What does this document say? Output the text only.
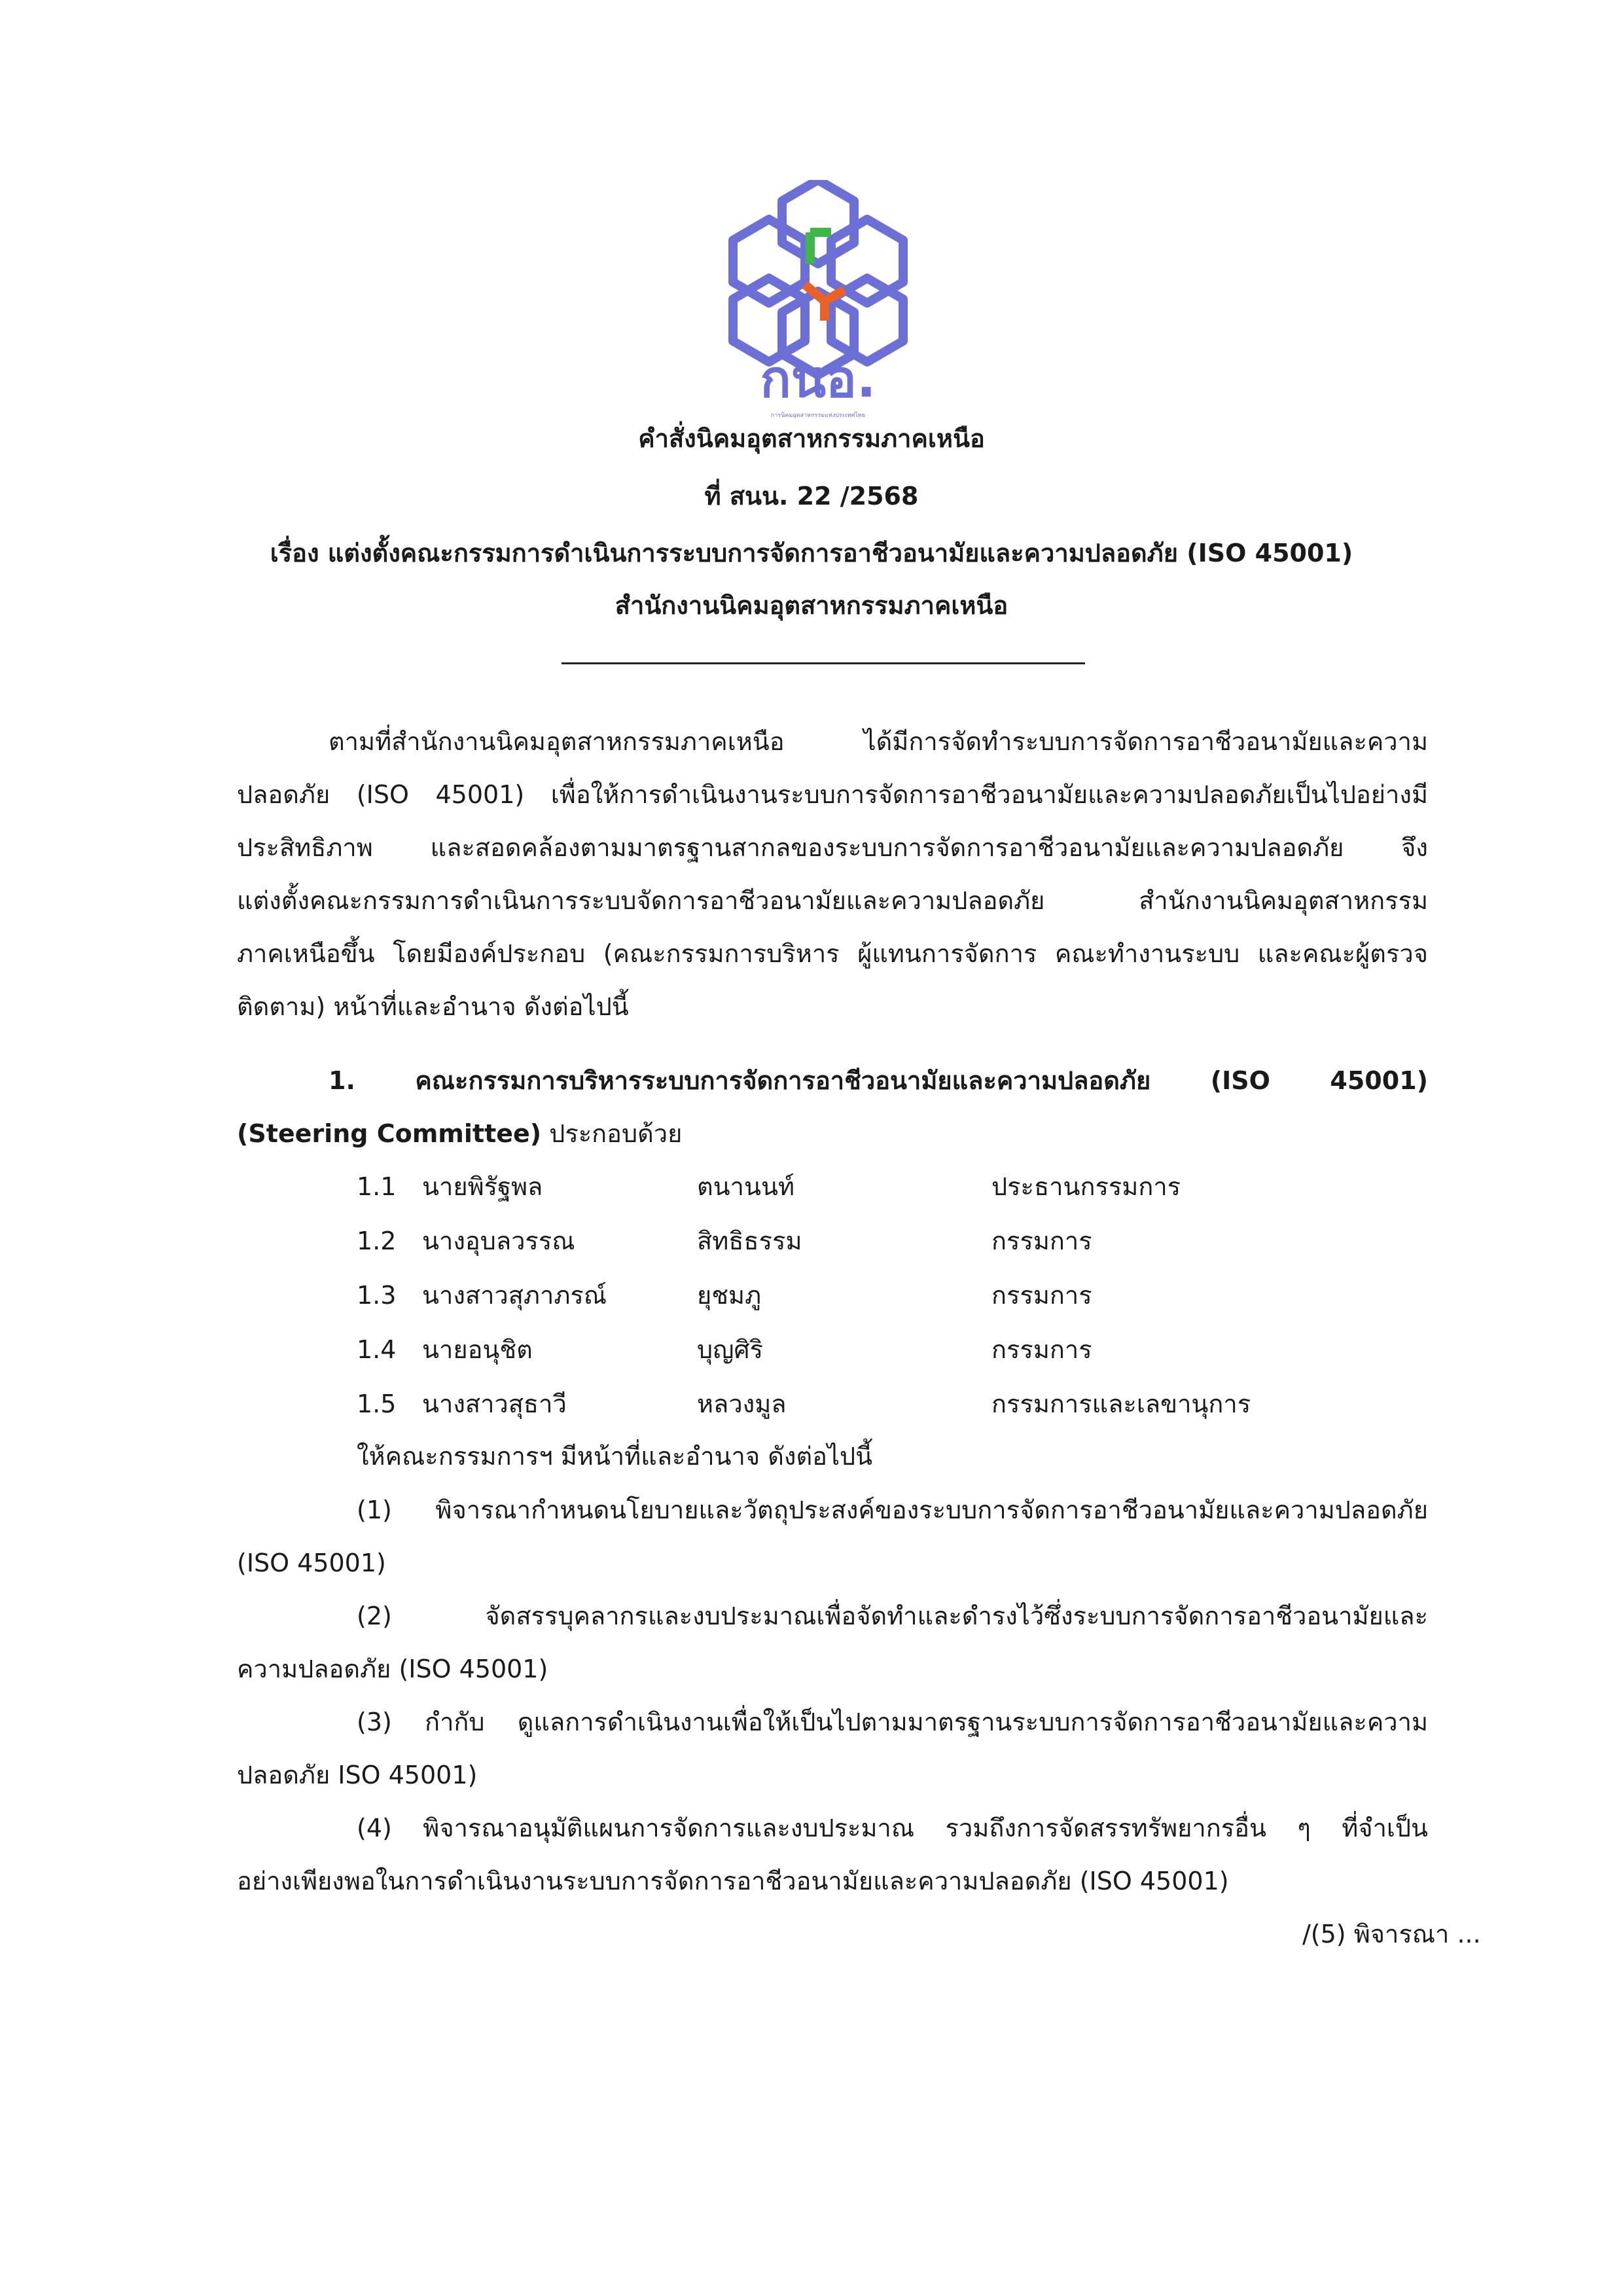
กนอ.
การนิคมอุตสาหกรรมแห่งประเทศไทย
คำสั่งนิคมอุตสาหกรรมภาคเหนือ
ที่ สนน. 22 /2568
เรื่อง แต่งตั้งคณะกรรมการดำเนินการระบบการจัดการอาชีวอนามัยและความปลอดภัย (ISO 45001)
สำนักงานนิคมอุตสาหกรรมภาคเหนือ
ตามที่สำนักงานนิคมอุตสาหกรรมภาคเหนือ ได้มีการจัดทำระบบการจัดการอาชีวอนามัยและความ
ปลอดภัย (ISO 45001) เพื่อให้การดำเนินงานระบบการจัดการอาชีวอนามัยและความปลอดภัยเป็นไปอย่างมี
ประสิทธิภาพ และสอดคล้องตามมาตรฐานสากลของระบบการจัดการอาชีวอนามัยและความปลอดภัย จึง
แต่งตั้งคณะกรรมการดำเนินการระบบจัดการอาชีวอนามัยและความปลอดภัย สำนักงานนิคมอุตสาหกรรม
ภาคเหนือขึ้น โดยมีองค์ประกอบ (คณะกรรมการบริหาร ผู้แทนการจัดการ คณะทำงานระบบ และคณะผู้ตรวจ
ติดตาม) หน้าที่และอำนาจ ดังต่อไปนี้
1. คณะกรรมการบริหารระบบการจัดการอาชีวอนามัยและความปลอดภัย (ISO 45001)
(Steering Committee) ประกอบด้วย
1.1 นายพิรัฐพล	ตนานนท์	ประธานกรรมการ
1.2 นางอุบลวรรณ	สิทธิธรรม	กรรมการ
1.3 นางสาวสุภาภรณ์	ยุชมภู	กรรมการ
1.4 นายอนุชิต	บุญศิริ	กรรมการ
1.5 นางสาวสุธาวี	หลวงมูล	กรรมการและเลขานุการ
ให้คณะกรรมการฯ มีหน้าที่และอำนาจ ดังต่อไปนี้
(1) พิจารณากำหนดนโยบายและวัตถุประสงค์ของระบบการจัดการอาชีวอนามัยและความปลอดภัย
(ISO 45001)
(2) จัดสรรบุคลากรและงบประมาณเพื่อจัดทำและดำรงไว้ซึ่งระบบการจัดการอาชีวอนามัยและ
ความปลอดภัย (ISO 45001)
(3) กำกับ ดูแลการดำเนินงานเพื่อให้เป็นไปตามมาตรฐานระบบการจัดการอาชีวอนามัยและความ
ปลอดภัย ISO 45001)
(4) พิจารณาอนุมัติแผนการจัดการและงบประมาณ รวมถึงการจัดสรรทรัพยากรอื่น ๆ ที่จำเป็น
อย่างเพียงพอในการดำเนินงานระบบการจัดการอาชีวอนามัยและความปลอดภัย (ISO 45001)
/(5) พิจารณา ...
